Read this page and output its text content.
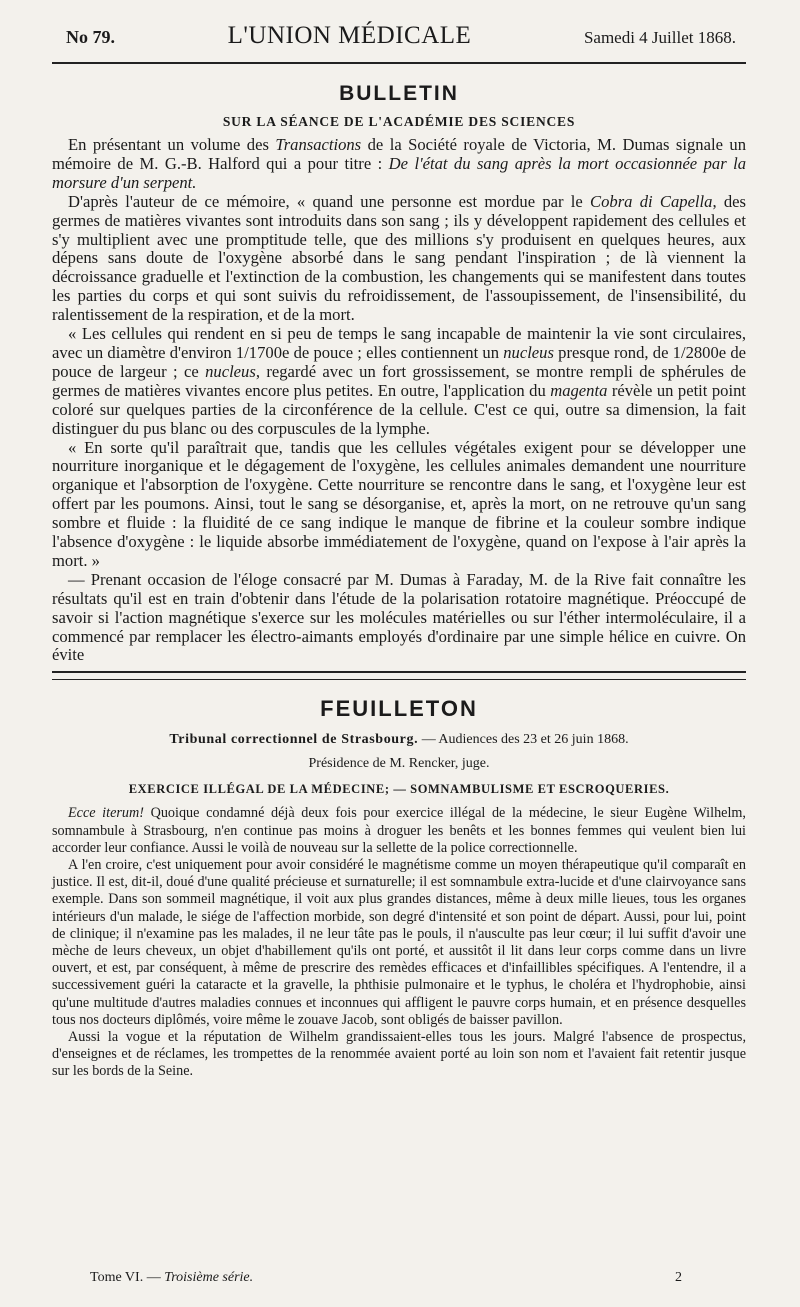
No 79.	L'UNION MÉDICALE	Samedi 4 Juillet 1868.
BULLETIN
SUR LA SÉANCE DE L'ACADÉMIE DES SCIENCES

En présentant un volume des Transactions de la Société royale de Victoria, M. Dumas signale un mémoire de M. G.-B. Halford qui a pour titre : De l'état du sang après la mort occasionnée par la morsure d'un serpent.

D'après l'auteur de ce mémoire, « quand une personne est mordue par le Cobra di Capella, des germes de matières vivantes sont introduits dans son sang ; ils y développent rapidement des cellules et s'y multiplient avec une promptitude telle, que des millions s'y produisent en quelques heures, aux dépens sans doute de l'oxygène absorbé dans le sang pendant l'inspiration ; de là viennent la décroissance graduelle et l'extinction de la combustion, les changements qui se manifestent dans toutes les parties du corps et qui sont suivis du refroidissement, de l'assoupissement, de l'insensibilité, du ralentissement de la respiration, et de la mort.

« Les cellules qui rendent en si peu de temps le sang incapable de maintenir la vie sont circulaires, avec un diamètre d'environ 1/1700e de pouce ; elles contiennent un nucleus presque rond, de 1/2800e de pouce de largeur ; ce nucleus, regardé avec un fort grossissement, se montre rempli de sphérules de germes de matières vivantes encore plus petites. En outre, l'application du magenta révèle un petit point coloré sur quelques parties de la circonférence de la cellule. C'est ce qui, outre sa dimension, la fait distinguer du pus blanc ou des corpuscules de la lymphe.

« En sorte qu'il paraîtrait que, tandis que les cellules végétales exigent pour se développer une nourriture inorganique et le dégagement de l'oxygène, les cellules animales demandent une nourriture organique et l'absorption de l'oxygène. Cette nourriture se rencontre dans le sang, et l'oxygène leur est offert par les poumons. Ainsi, tout le sang se désorganise, et, après la mort, on ne retrouve qu'un sang sombre et fluide : la fluidité de ce sang indique le manque de fibrine et la couleur sombre indique l'absence d'oxygène : le liquide absorbe immédiatement de l'oxygène, quand on l'expose à l'air après la mort. »

— Prenant occasion de l'éloge consacré par M. Dumas à Faraday, M. de la Rive fait connaître les résultats qu'il est en train d'obtenir dans l'étude de la polarisation rotatoire magnétique. Préoccupé de savoir si l'action magnétique s'exerce sur les molécules matérielles ou sur l'éther intermoléculaire, il a commencé par remplacer les électro-aimants employés d'ordinaire par une simple hélice en cuivre. On évite

FEUILLETON
Tribunal correctionnel de Strasbourg. — Audiences des 23 et 26 juin 1868.
Présidence de M. Rencker, juge.
EXERCICE ILLÉGAL DE LA MÉDECINE; — SOMNAMBULISME ET ESCROQUERIES.

Ecce iterum! Quoique condamné déjà deux fois pour exercice illégal de la médecine, le sieur Eugène Wilhelm, somnambule à Strasbourg, n'en continue pas moins à droguer les benêts et les bonnes femmes qui veulent bien lui accorder leur confiance. Aussi le voilà de nouveau sur la sellette de la police correctionnelle.

A l'en croire, c'est uniquement pour avoir considéré le magnétisme comme un moyen thérapeutique qu'il comparaît en justice. Il est, dit-il, doué d'une qualité précieuse et surnaturelle; il est somnambule extra-lucide et d'une clairvoyance sans exemple. Dans son sommeil magnétique, il voit aux plus grandes distances, même à deux mille lieues, tous les organes intérieurs d'un malade, le siége de l'affection morbide, son degré d'intensité et son point de départ. Aussi, pour lui, point de clinique; il n'examine pas les malades, il ne leur tâte pas le pouls, il n'ausculte pas leur cœur; il lui suffit d'avoir une mèche de leurs cheveux, un objet d'habillement qu'ils ont porté, et aussitôt il lit dans leur corps comme dans un livre ouvert, et est, par conséquent, à même de prescrire des remèdes efficaces et d'infaillibles spécifiques. A l'entendre, il a successivement guéri la cataracte et la gravelle, la phthisie pulmonaire et le typhus, le choléra et l'hydrophobie, ainsi qu'une multitude d'autres maladies connues et inconnues qui affligent le pauvre corps humain, et en présence desquelles tous nos docteurs diplômés, voire même le zouave Jacob, sont obligés de baisser pavillon.

Aussi la vogue et la réputation de Wilhelm grandissaient-elles tous les jours. Malgré l'absence de prospectus, d'enseignes et de réclames, les trompettes de la renommée avaient porté au loin son nom et l'avaient fait retentir jusque sur les bords de la Seine.

Tome VI. — Troisième série.	2
